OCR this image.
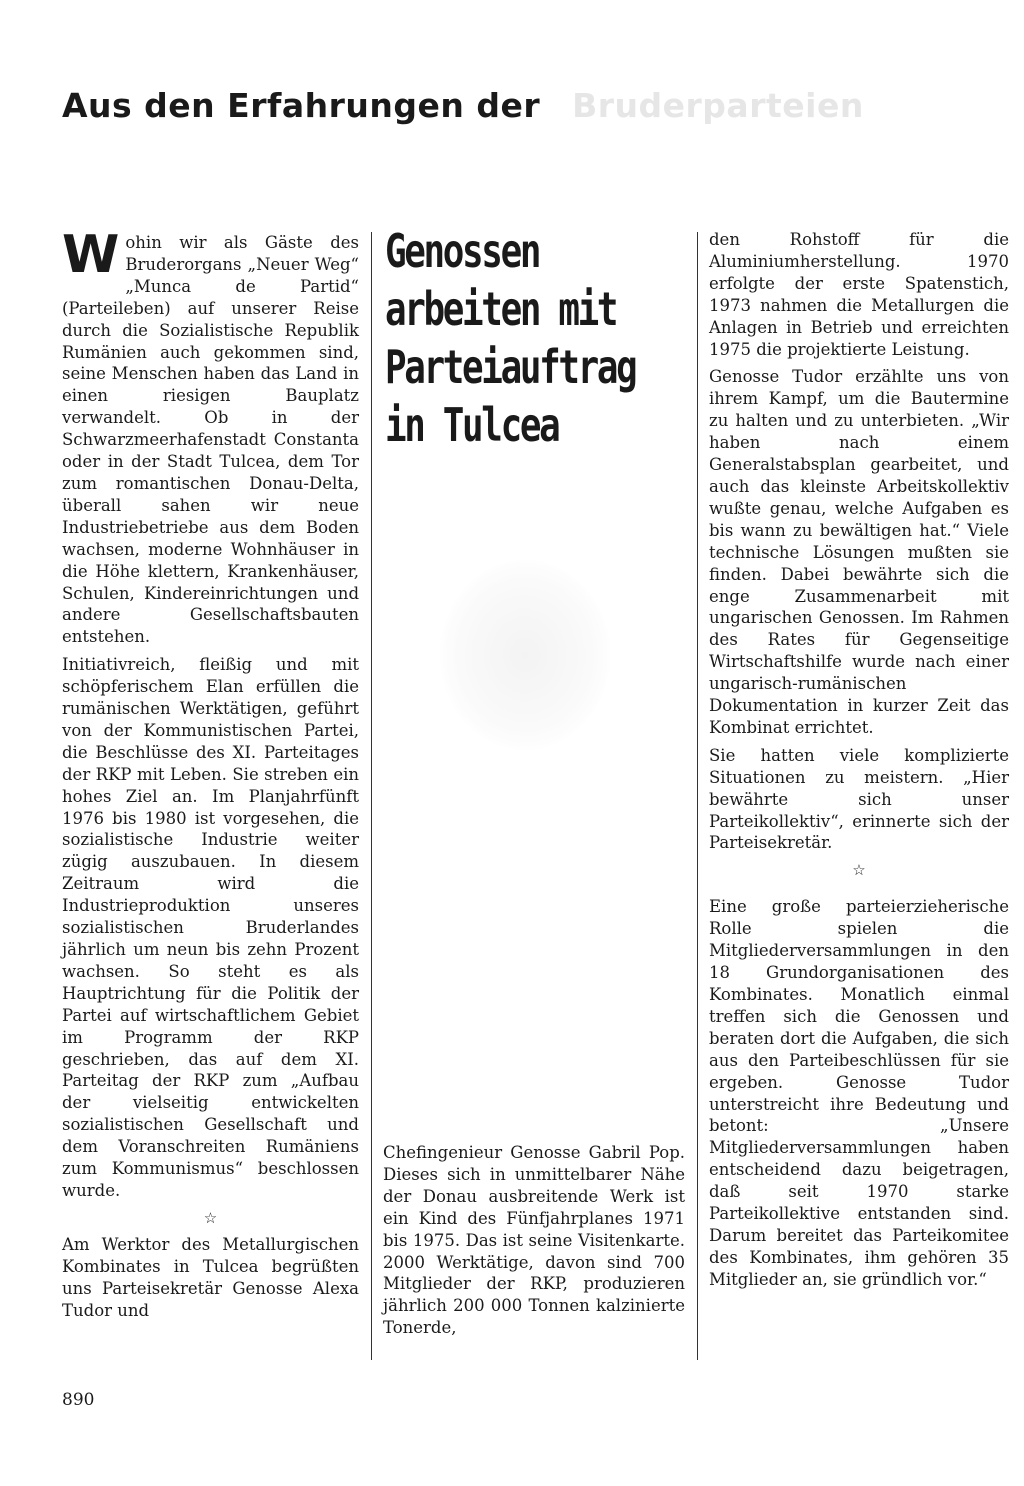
Aus den Erfahrungen der Bruderparteien

Wohin wir als Gäste des Bruderorgans „Neuer Weg“ „Munca de Partid“ (Parteileben) auf unserer Reise durch die Sozialistische Republik Rumänien auch gekommen sind, seine Menschen haben das Land in einen riesigen Bauplatz verwandelt. Ob in der Schwarzmeerhafenstadt Constanta oder in der Stadt Tulcea, dem Tor zum romantischen Donau-Delta, überall sahen wir neue Industriebetriebe aus dem Boden wachsen, moderne Wohnhäuser in die Höhe klettern, Krankenhäuser, Schulen, Kindereinrichtungen und andere Gesellschaftsbauten entstehen.

Initiativreich, fleißig und mit schöpferischem Elan erfüllen die rumänischen Werktätigen, geführt von der Kommunistischen Partei, die Beschlüsse des XI. Parteitages der RKP mit Leben. Sie streben ein hohes Ziel an. Im Planjahrfünft 1976 bis 1980 ist vorgesehen, die sozialistische Industrie weiter zügig auszubauen. In diesem Zeitraum wird die Industrieproduktion unseres sozialistischen Bruderlandes jährlich um neun bis zehn Prozent wachsen. So steht es als Hauptrichtung für die Politik der Partei auf wirtschaftlichem Gebiet im Programm der RKP geschrieben, das auf dem XI. Parteitag der RKP zum „Aufbau der vielseitig entwickelten sozialistischen Gesellschaft und dem Voranschreiten Rumäniens zum Kommunismus“ beschlossen wurde.

☆

Am Werktor des Metallurgischen Kombinates in Tulcea begrüßten uns Parteisekretär Genosse Alexa Tudor und

Genossen
arbeiten mit
Parteiauftrag
in Tulcea

Chefingenieur Genosse Gabril Pop. Dieses sich in unmittelbarer Nähe der Donau ausbreitende Werk ist ein Kind des Fünfjahrplanes 1971 bis 1975. Das ist seine Visitenkarte. 2000 Werktätige, davon sind 700 Mitglieder der RKP, produzieren jährlich 200 000 Tonnen kalzinierte Tonerde,

den Rohstoff für die Aluminiumherstellung. 1970 erfolgte der erste Spatenstich, 1973 nahmen die Metallurgen die Anlagen in Betrieb und erreichten 1975 die projektierte Leistung.

Genosse Tudor erzählte uns von ihrem Kampf, um die Bautermine zu halten und zu unterbieten. „Wir haben nach einem Generalstabsplan gearbeitet, und auch das kleinste Arbeitskollektiv wußte genau, welche Aufgaben es bis wann zu bewältigen hat.“ Viele technische Lösungen mußten sie finden. Dabei bewährte sich die enge Zusammenarbeit mit ungarischen Genossen. Im Rahmen des Rates für Gegenseitige Wirtschaftshilfe wurde nach einer ungarisch-rumänischen Dokumentation in kurzer Zeit das Kombinat errichtet.

Sie hatten viele komplizierte Situationen zu meistern. „Hier bewährte sich unser Parteikollektiv“, erinnerte sich der Parteisekretär.

☆

Eine große parteierzieherische Rolle spielen die Mitgliederversammlungen in den 18 Grundorganisationen des Kombinates. Monatlich einmal treffen sich die Genossen und beraten dort die Aufgaben, die sich aus den Parteibeschlüssen für sie ergeben. Genosse Tudor unterstreicht ihre Bedeutung und betont: „Unsere Mitgliederversammlungen haben entscheidend dazu beigetragen, daß seit 1970 starke Parteikollektive entstanden sind. Darum bereitet das Parteikomitee des Kombinates, ihm gehören 35 Mitglieder an, sie gründlich vor.“

890
